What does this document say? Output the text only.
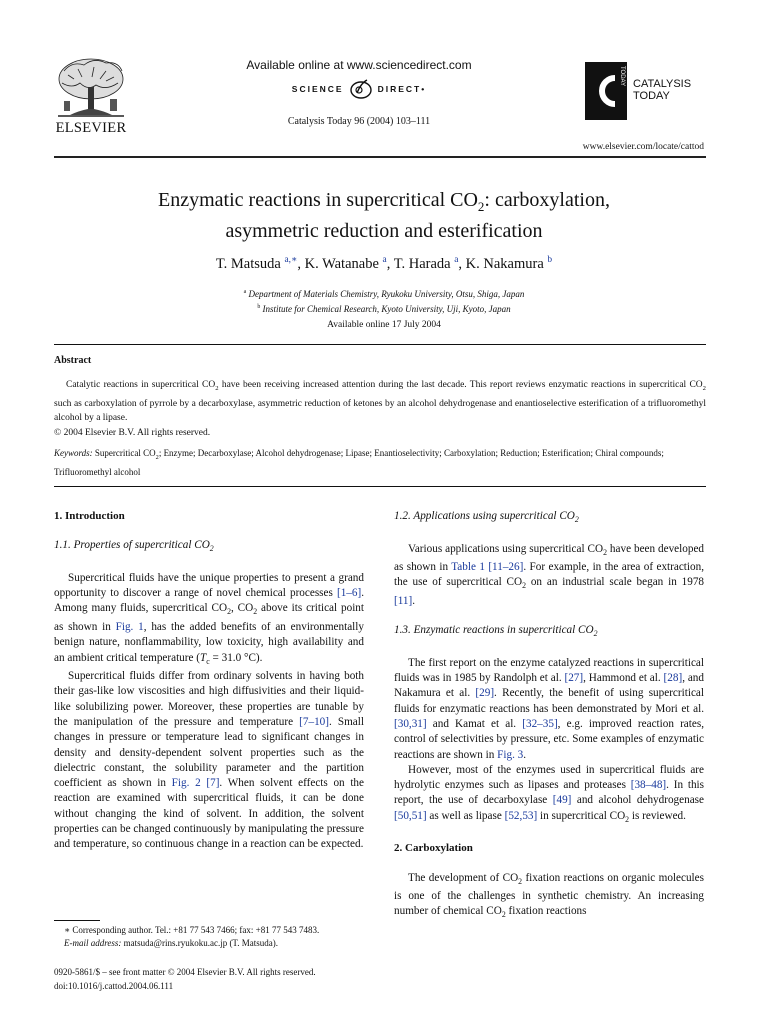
ELSEVIER
Available online at www.sciencedirect.com
SCIENCE	DIRECT•
Catalysis Today 96 (2004) 103–111
TODAY CATALYSIS
TODAY
www.elsevier.com/locate/cattod
Enzymatic reactions in supercritical $CO_2$: carboxylation,
asymmetric reduction and esterification
T. Matsuda $^{a,∗}$, K. Watanabe $^a$, T. Harada $^a$, K. Nakamura $^b$
$^a$ Department of Materials Chemistry, Ryukoku University, Otsu, Shiga, Japan
$^b$ Institute for Chemical Research, Kyoto University, Uji, Kyoto, Japan
Available online 17 July 2004
Abstract

Catalytic reactions in supercritical $CO_2$ have been receiving increased attention during the last decade. This report reviews enzymatic reactions in supercritical $CO_2$ such as carboxylation of pyrrole by a decarboxylase, asymmetric reduction of ketones by an alcohol dehydrogenase and enantioselective esterification of a trifluoromethyl alcohol by a lipase.

© 2004 Elsevier B.V. All rights reserved.

Keywords: Supercritical $CO_2$; Enzyme; Decarboxylase; Alcohol dehydrogenase; Lipase; Enantioselectivity; Carboxylation; Reduction; Esterification; Chiral compounds; Trifluoromethyl alcohol
1. Introduction
1.1. Properties of supercritical $CO_2$

Supercritical fluids have the unique properties to present a grand opportunity to discover a range of novel chemical processes [1–6]. Among many fluids, supercritical $CO_2$, $CO_2$ above its critical point as shown in Fig. 1, has the added benefits of an environmentally benign nature, nonflammability, low toxicity, high availability and an ambient critical temperature ($T_c = 31.0$ °C).

Supercritical fluids differ from ordinary solvents in having both their gas-like low viscosities and high diffusivities and their liquid-like solubilizing power. Moreover, these properties are tunable by the manipulation of the pressure and temperature [7–10]. Small changes in pressure or temperature lead to significant changes in density and density-dependent solvent properties such as the dielectric constant, the solubility parameter and the partition coefficient as shown in Fig. 2 [7]. When solvent effects on the reaction are examined with supercritical fluids, it can be done without changing the kind of solvent. In addition, the solvent properties can be changed continuously by manipulating the pressure and temperature, so continuous change in a reaction can be expected.

1.2. Applications using supercritical $CO_2$

Various applications using supercritical $CO_2$ have been developed as shown in Table 1 [11–26]. For example, in the area of extraction, the use of supercritical $CO_2$ on an industrial scale began in 1978 [11].

1.3. Enzymatic reactions in supercritical $CO_2$

The first report on the enzyme catalyzed reactions in supercritical fluids was in 1985 by Randolph et al. [27], Hammond et al. [28], and Nakamura et al. [29]. Recently, the benefit of using supercritical fluids for enzymatic reactions has been demonstrated by Mori et al. [30,31] and Kamat et al. [32–35], e.g. improved reaction rates, control of selectivities by pressure, etc. Some examples of enzymatic reactions are shown in Fig. 3.

However, most of the enzymes used in supercritical fluids are hydrolytic enzymes such as lipases and proteases [38–48]. In this report, the use of decarboxylase [49] and alcohol dehydrogenase [50,51] as well as lipase [52,53] in supercritical $CO_2$ is reviewed.

2. Carboxylation

The development of $CO_2$ fixation reactions on organic molecules is one of the challenges in synthetic chemistry. An increasing number of chemical $CO_2$ fixation reactions

∗ Corresponding author. Tel.: +81 77 543 7466; fax: +81 77 543 7483.

E-mail address: matsuda@rins.ryukoku.ac.jp (T. Matsuda).

0920-5861/$ – see front matter © 2004 Elsevier B.V. All rights reserved.
doi:10.1016/j.cattod.2004.06.111
